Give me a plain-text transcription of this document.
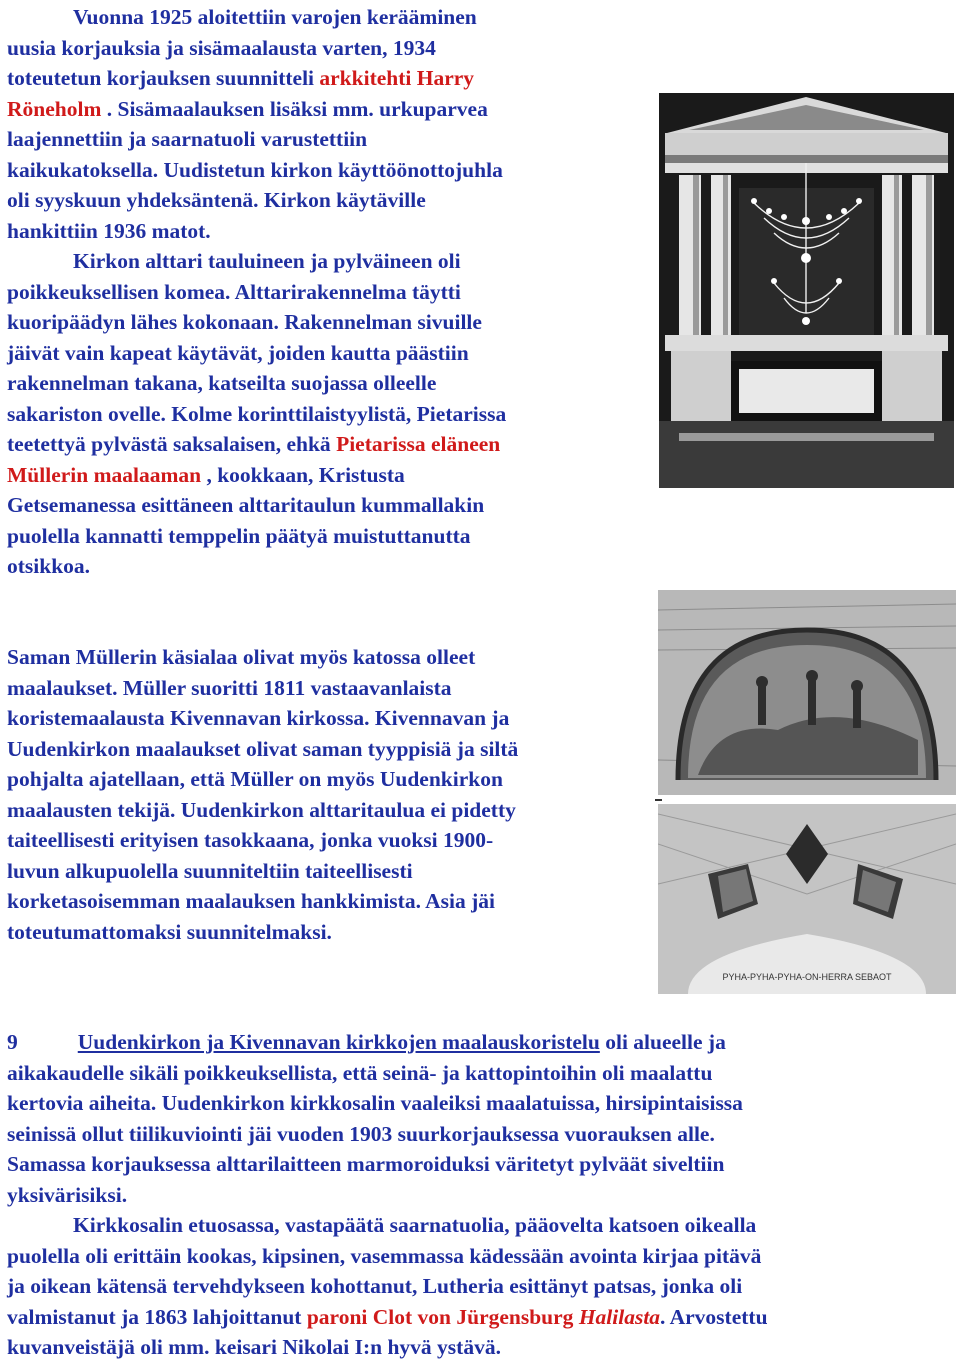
Vuonna 1925 aloitettiin varojen kerääminen
uusia korjauksia ja sisämaalausta varten, 1934
toteutetun korjauksen suunnitteli arkkitehti Harry
Röneholm . Sisämaalauksen lisäksi mm. urkuparvea
laajennettiin ja saarnatuoli varustettiin
kaikukatoksella. Uudistetun kirkon käyttöönottojuhla
oli syyskuun yhdeksäntenä. Kirkon käytäville
hankittiin 1936 matot.
Kirkon alttari tauluineen ja pylväineen oli
poikkeuksellisen komea. Alttarirakennelma täytti
kuoripäädyn lähes kokonaan. Rakennelman sivuille
jäivät vain kapeat käytävät, joiden kautta päästiin
rakennelman takana, katseilta suojassa olleelle
sakariston ovelle. Kolme korinttilaistyylistä, Pietarissa
teetettyä pylvästä saksalaisen, ehkä Pietarissa eläneen
Müllerin maalaaman , kookkaan, Kristusta
Getsemanessa esittäneen alttaritaulun kummallakin
puolella kannatti temppelin päätyä muistuttanutta
otsikkoa.
Saman Müllerin käsialaa olivat myös katossa olleet
maalaukset. Müller suoritti 1811 vastaavanlaista
koristemaalausta Kivennavan kirkossa. Kivennavan ja
Uudenkirkon maalaukset olivat saman tyyppisiä ja siltä
pohjalta ajatellaan, että Müller on myös Uudenkirkon
maalausten tekijä. Uudenkirkon alttaritaulua ei pidetty
taiteellisesti erityisen tasokkaana, jonka vuoksi 1900-
luvun alkupuolella suunniteltiin taiteellisesti
korketasoisemman maalauksen hankkimista. Asia jäi
toteutumattomaksi suunnitelmaksi.
9	Uudenkirkon ja Kivennavan kirkkojen maalauskoristelu oli alueelle ja
aikakaudelle sikäli poikkeuksellista, että seinä- ja kattopintoihin oli maalattu
kertovia aiheita. Uudenkirkon kirkkosalin vaaleiksi maalatuissa, hirsipintaisissa
seinissä ollut tiilikuviointi jäi vuoden 1903 suurkorjauksessa vuorauksen alle.
Samassa korjauksessa alttarilaitteen marmoroiduksi väritetyt pylväät siveltiin
yksivärisiksi.
Kirkkosalin etuosassa, vastapäätä saarnatuolia, pääovelta katsoen oikealla
puolella oli erittäin kookas, kipsinen, vasemmassa kädessään avointa kirjaa pitävä
ja oikean kätensä tervehdykseen kohottanut, Lutheria esittänyt patsas, jonka oli
valmistanut ja 1863 lahjoittanut paroni Clot von Jürgensburg Halilasta. Arvostettu
kuvanveistäjä oli mm. keisari Nikolai I:n hyvä ystävä.
PYHA-PYHA-PYHA-ON-HERRA SEBAOT
